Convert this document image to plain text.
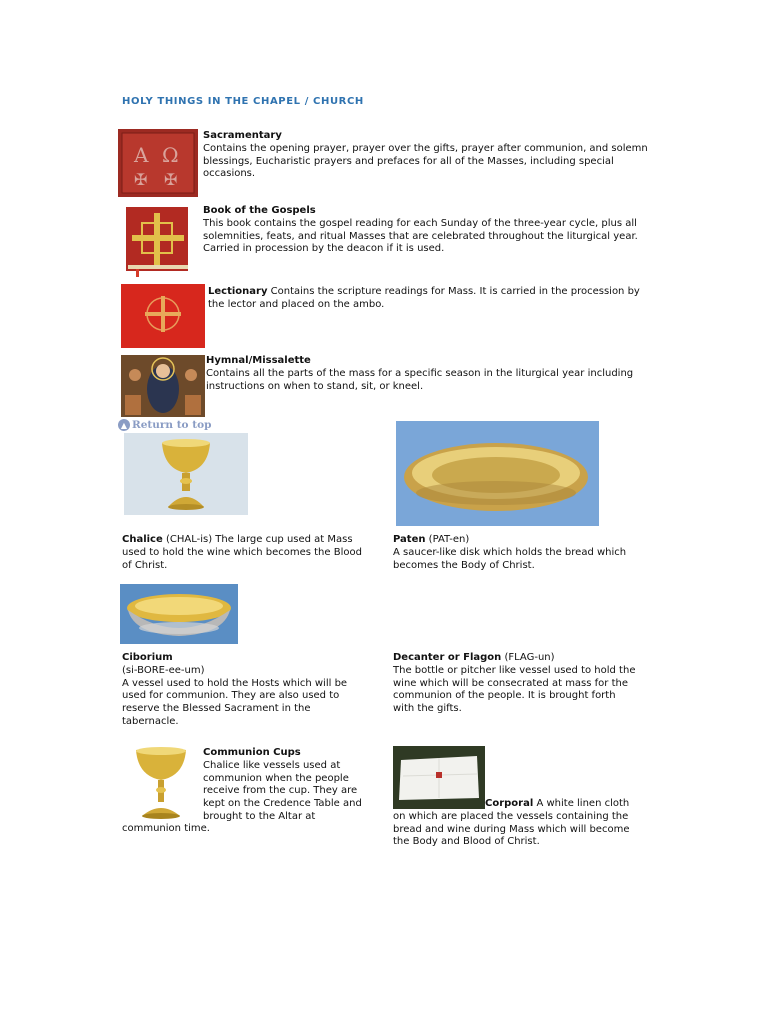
HOLY THINGS IN THE CHAPEL / CHURCH
A Ω
✠ ✠
Sacramentary
Contains the opening prayer, prayer over the gifts, prayer after communion, and solemn blessings, Eucharistic prayers and prefaces for all of the Masses, including special occasions.
Book of the Gospels
This book contains the gospel reading for each Sunday of the three-year cycle, plus all solemnities, feats, and ritual Masses that are celebrated throughout the liturgical year. Carried in procession by the deacon if it is used.
Lectionary Contains the scripture readings for Mass. It is carried in the procession by the lector and placed on the ambo.
Hymnal/Missalette
Contains all the parts of the mass for a specific season in the liturgical year including instructions on when to stand, sit, or kneel.
▲ Return to top
Chalice (CHAL-is) The large cup used at Mass used to hold the wine which becomes the Blood of Christ.
Paten (PAT-en)
A saucer-like disk which holds the bread which becomes the Body of Christ.
Ciborium
(si-BORE-ee-um)
A vessel used to hold the Hosts which will be used for communion. They are also used to reserve the Blessed Sacrament in the tabernacle.
Decanter or Flagon (FLAG-un)
The bottle or pitcher like vessel used to hold the wine which will be consecrated at mass for the communion of the people. It is brought forth with the gifts.
Communion Cups
Chalice like vessels used at communion when the people receive from the cup. They are kept on the Credence Table and brought to the Altar at
communion time.
Corporal A white linen cloth on which are placed the vessels containing the bread and wine during Mass which will become the Body and Blood of Christ.
